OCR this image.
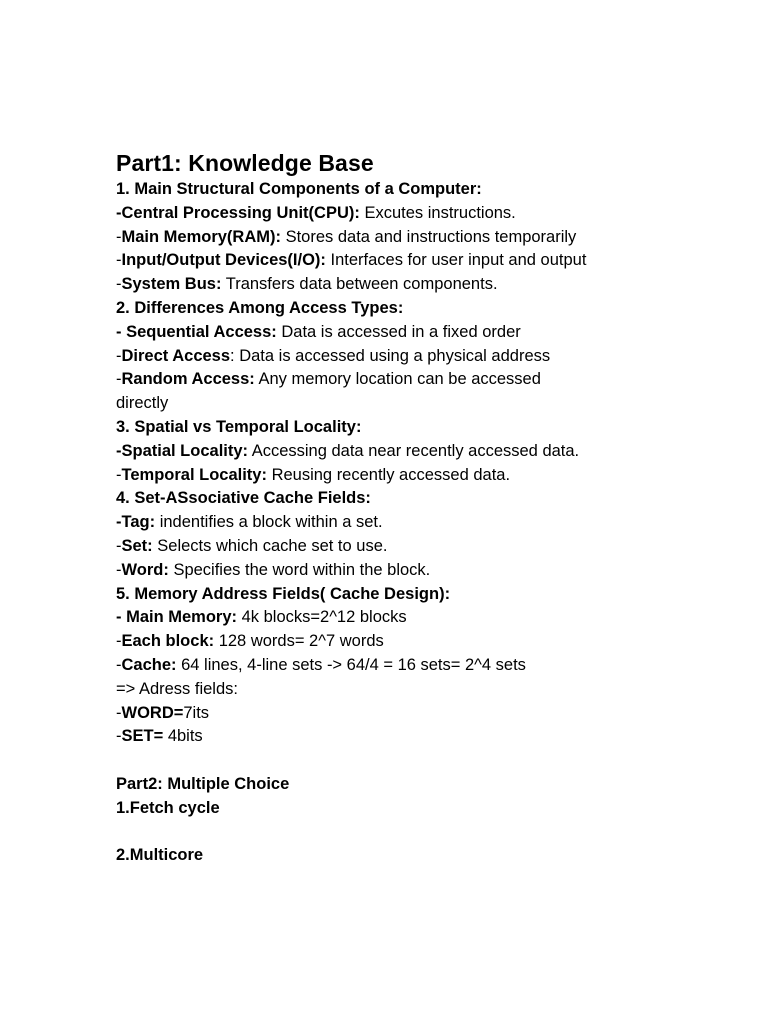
Part1: Knowledge Base

1. Main Structural Components of a Computer:

-Central Processing Unit(CPU): Excutes instructions.

-Main Memory(RAM): Stores data and instructions temporarily

-Input/Output Devices(I/O): Interfaces for user input and output

-System Bus: Transfers data between components.

2. Differences Among Access Types:

- Sequential Access: Data is accessed in a fixed order

-Direct Access: Data is accessed using a physical address

-Random Access: Any memory location can be accessed directly

3. Spatial vs Temporal Locality:

-Spatial Locality: Accessing data near recently accessed data.

-Temporal Locality: Reusing recently accessed data.

4. Set-ASsociative Cache Fields:

-Tag: indentifies a block within a set.

-Set: Selects which cache set to use.

-Word: Specifies the word within the block.

5. Memory Address Fields( Cache Design):

- Main Memory: 4k blocks=2^12 blocks

-Each block: 128 words= 2^7 words

-Cache: 64 lines, 4-line sets -> 64/4 = 16 sets= 2^4 sets

=> Adress fields:

-WORD=7its

-SET= 4bits

Part2: Multiple Choice

1.Fetch cycle

2.Multicore
